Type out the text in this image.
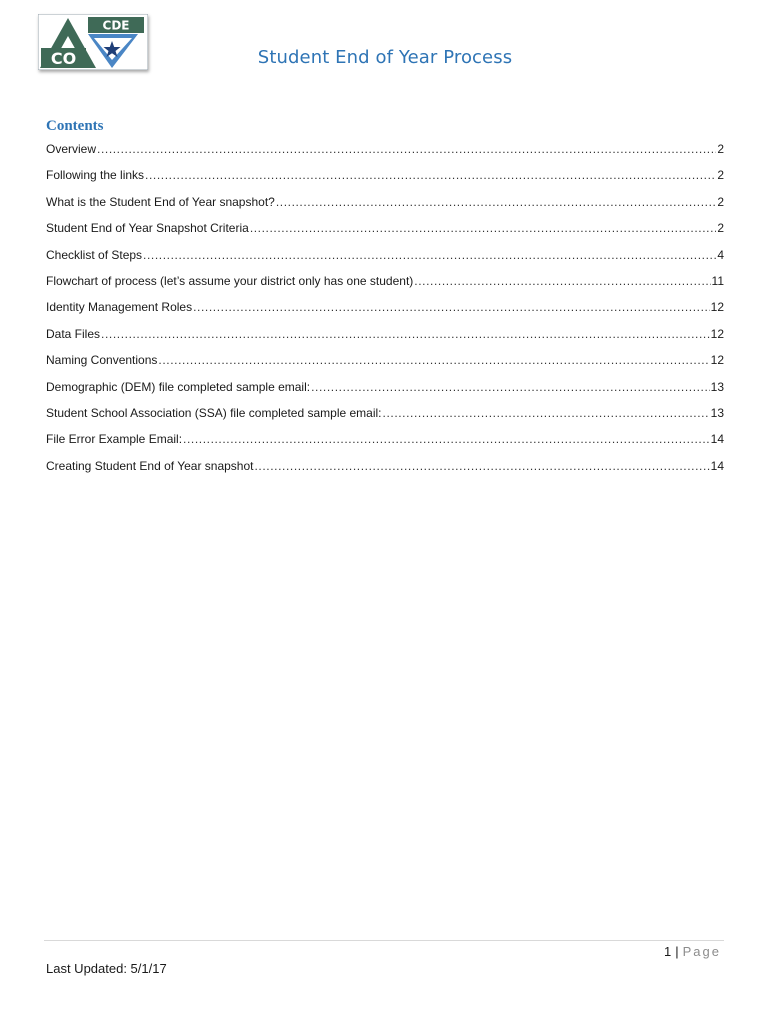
CDE
CO	Student End of Year Process
Contents
Overview .....	2
Following the links .....	2
What is the Student End of Year snapshot? .....	2
Student End of Year Snapshot Criteria .....	2
Checklist of Steps .....	4
Flowchart of process (let’s assume your district only has one student) .....	11
Identity Management Roles .....	12
Data Files .....	12
Naming Conventions .....	12
Demographic (DEM) file completed sample email: .....	13
Student School Association (SSA) file completed sample email: .....	13
File Error Example Email: .....	14
Creating Student End of Year snapshot .....	14
1 | Page
Last Updated: 5/1/17
